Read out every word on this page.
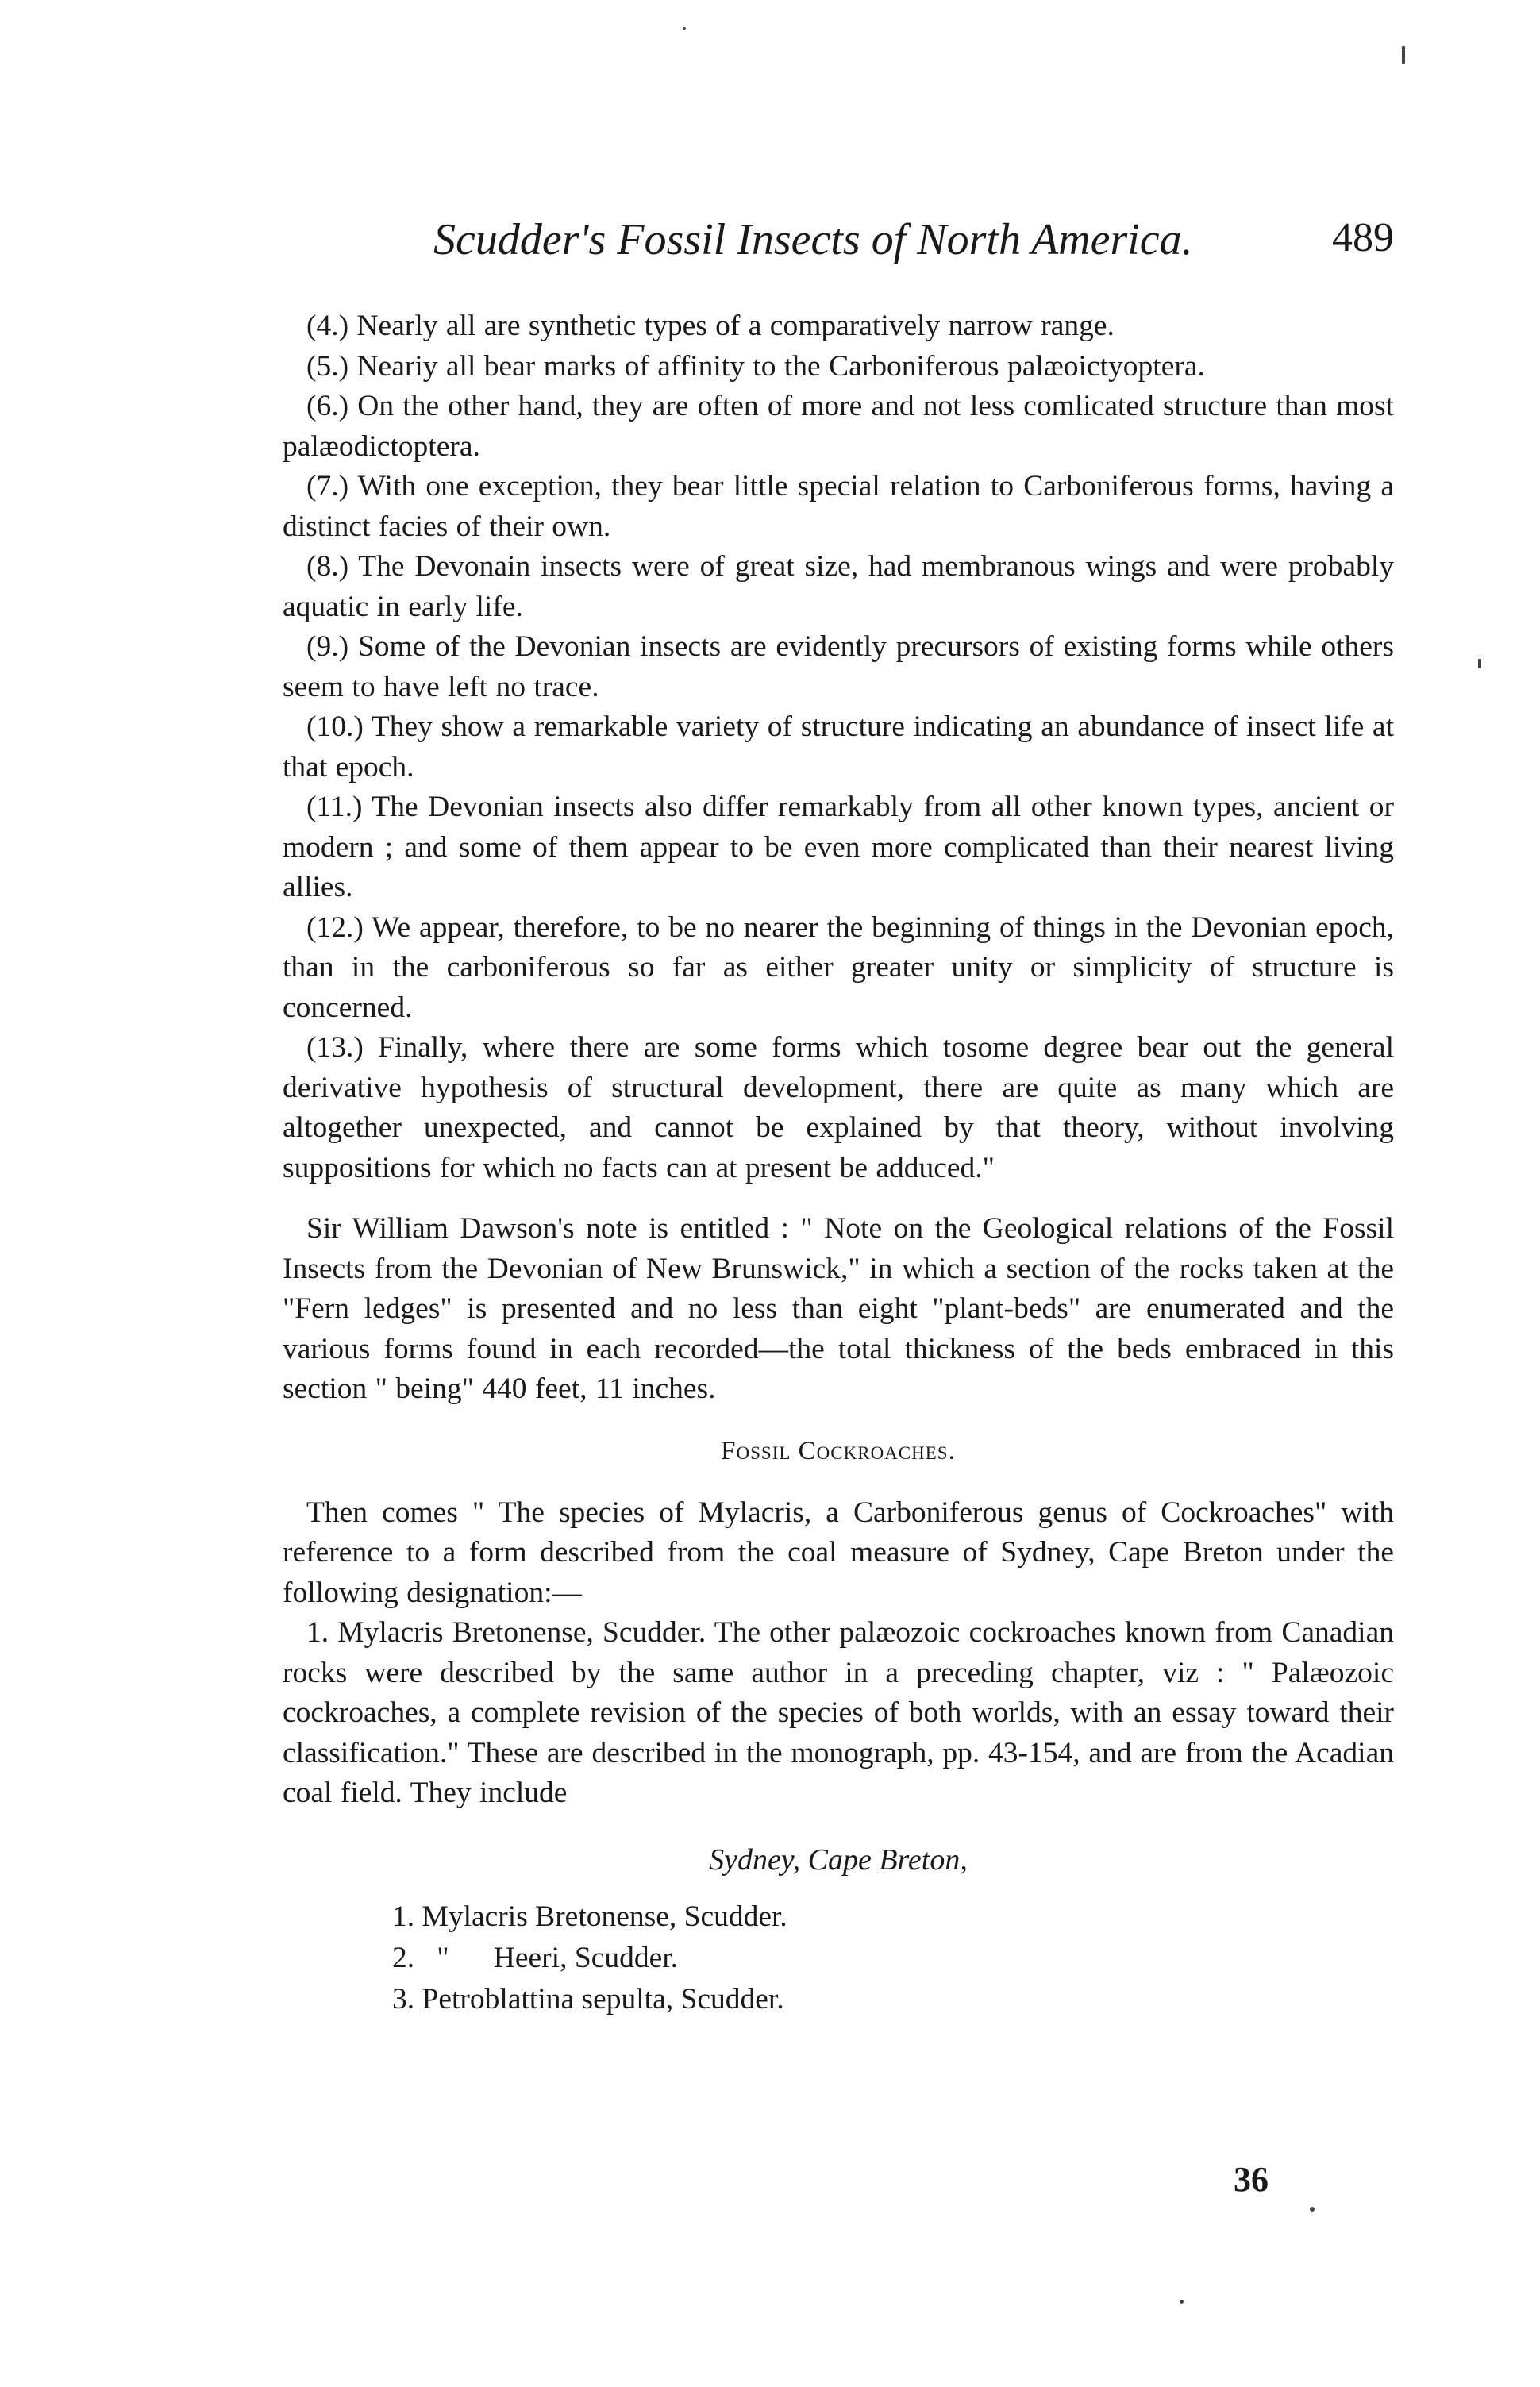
Scudder's Fossil Insects of North America.	489

(4.) Nearly all are synthetic types of a comparatively narrow range.

(5.) Neariy all bear marks of affinity to the Carboniferous palæoictyoptera.

(6.) On the other hand, they are often of more and not less comlicated structure than most palæodictoptera.

(7.) With one exception, they bear little special relation to Carboniferous forms, having a distinct facies of their own.

(8.) The Devonain insects were of great size, had membranous wings and were probably aquatic in early life.

(9.) Some of the Devonian insects are evidently precursors of existing forms while others seem to have left no trace.

(10.) They show a remarkable variety of structure indicating an abundance of insect life at that epoch.

(11.) The Devonian insects also differ remarkably from all other known types, ancient or modern ; and some of them appear to be even more complicated than their nearest living allies.

(12.) We appear, therefore, to be no nearer the beginning of things in the Devonian epoch, than in the carboniferous so far as either greater unity or simplicity of structure is concerned.

(13.) Finally, where there are some forms which tosome degree bear out the general derivative hypothesis of structural development, there are quite as many which are altogether unexpected, and cannot be explained by that theory, without involving suppositions for which no facts can at present be adduced."

Sir William Dawson's note is entitled : " Note on the Geological relations of the Fossil Insects from the Devonian of New Brunswick," in which a section of the rocks taken at the "Fern ledges" is presented and no less than eight "plant-beds" are enumerated and the various forms found in each recorded—the total thickness of the beds embraced in this section " being" 440 feet, 11 inches.

Fossil Cockroaches.

Then comes " The species of Mylacris, a Carboniferous genus of Cockroaches" with reference to a form described from the coal measure of Sydney, Cape Breton under the following designation:—

1. Mylacris Bretonense, Scudder. The other palæozoic cockroaches known from Canadian rocks were described by the same author in a preceding chapter, viz : " Palæozoic cockroaches, a complete revision of the species of both worlds, with an essay toward their classification." These are described in the monograph, pp. 43-154, and are from the Acadian coal field. They include

Sydney, Cape Breton,
1. Mylacris Bretonense, Scudder.
2.   "      Heeri, Scudder.
3. Petroblattina sepulta, Scudder.
36
